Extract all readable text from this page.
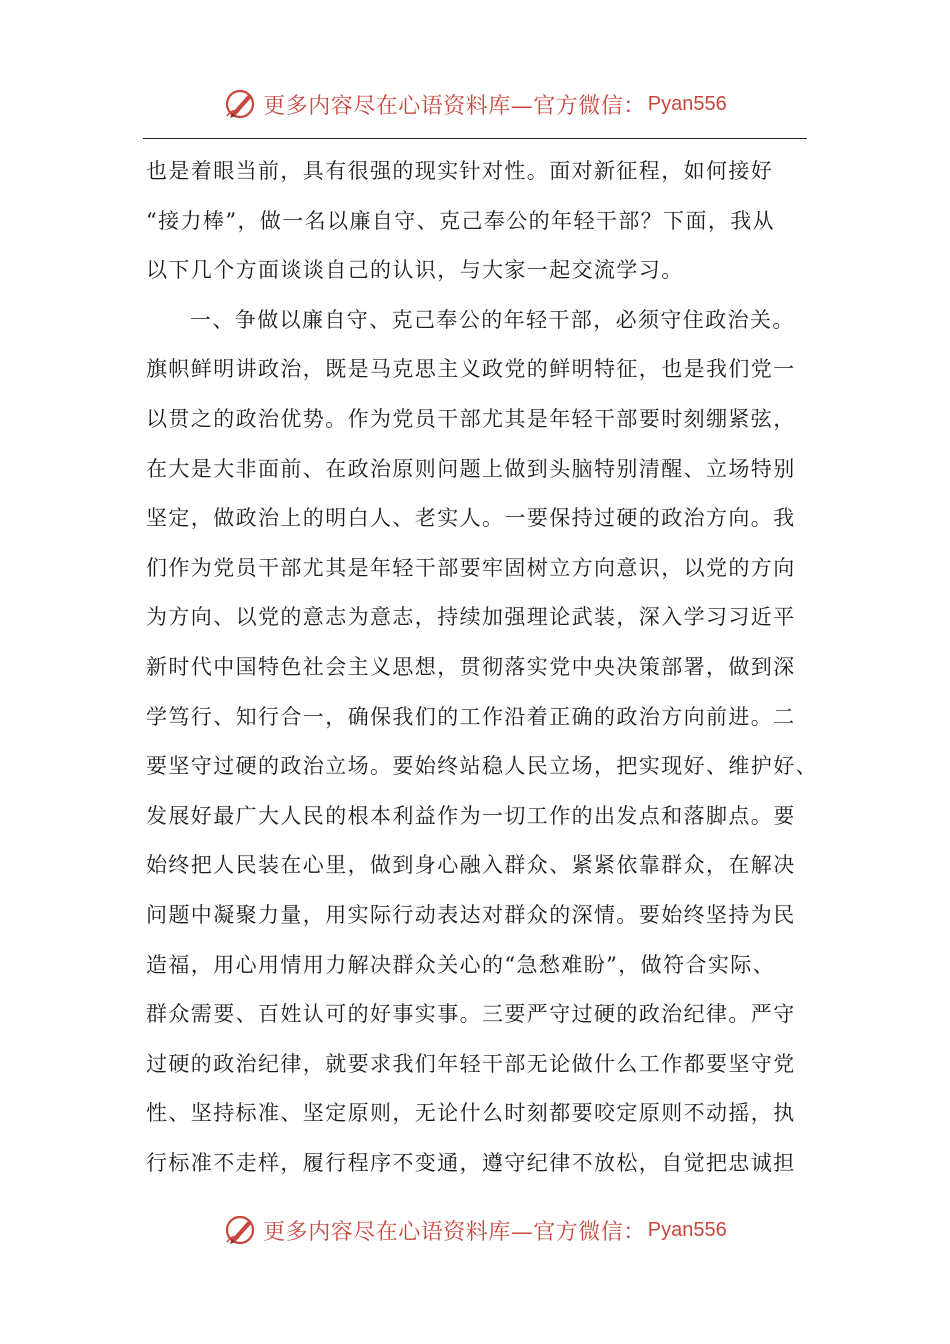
更多内容尽在心语资料库—官方微信： Pyan556
也是着眼当前，具有很强的现实针对性。面对新征程，如何接好
“接力棒”，做一名以廉自守、克己奉公的年轻干部？下面，我从
以下几个方面谈谈自己的认识，与大家一起交流学习。
一、争做以廉自守、克己奉公的年轻干部，必须守住政治关。
旗帜鲜明讲政治，既是马克思主义政党的鲜明特征，也是我们党一
以贯之的政治优势。作为党员干部尤其是年轻干部要时刻绷紧弦，
在大是大非面前、在政治原则问题上做到头脑特别清醒、立场特别
坚定，做政治上的明白人、老实人。一要保持过硬的政治方向。我
们作为党员干部尤其是年轻干部要牢固树立方向意识，以党的方向
为方向、以党的意志为意志，持续加强理论武装，深入学习习近平
新时代中国特色社会主义思想，贯彻落实党中央决策部署，做到深
学笃行、知行合一，确保我们的工作沿着正确的政治方向前进。二
要坚守过硬的政治立场。要始终站稳人民立场，把实现好、维护好、
发展好最广大人民的根本利益作为一切工作的出发点和落脚点。要
始终把人民装在心里，做到身心融入群众、紧紧依靠群众，在解决
问题中凝聚力量，用实际行动表达对群众的深情。要始终坚持为民
造福，用心用情用力解决群众关心的“急愁难盼”，做符合实际、
群众需要、百姓认可的好事实事。三要严守过硬的政治纪律。严守
过硬的政治纪律，就要求我们年轻干部无论做什么工作都要坚守党
性、坚持标准、坚定原则，无论什么时刻都要咬定原则不动摇，执
行标准不走样，履行程序不变通，遵守纪律不放松，自觉把忠诚担
更多内容尽在心语资料库—官方微信： Pyan556
